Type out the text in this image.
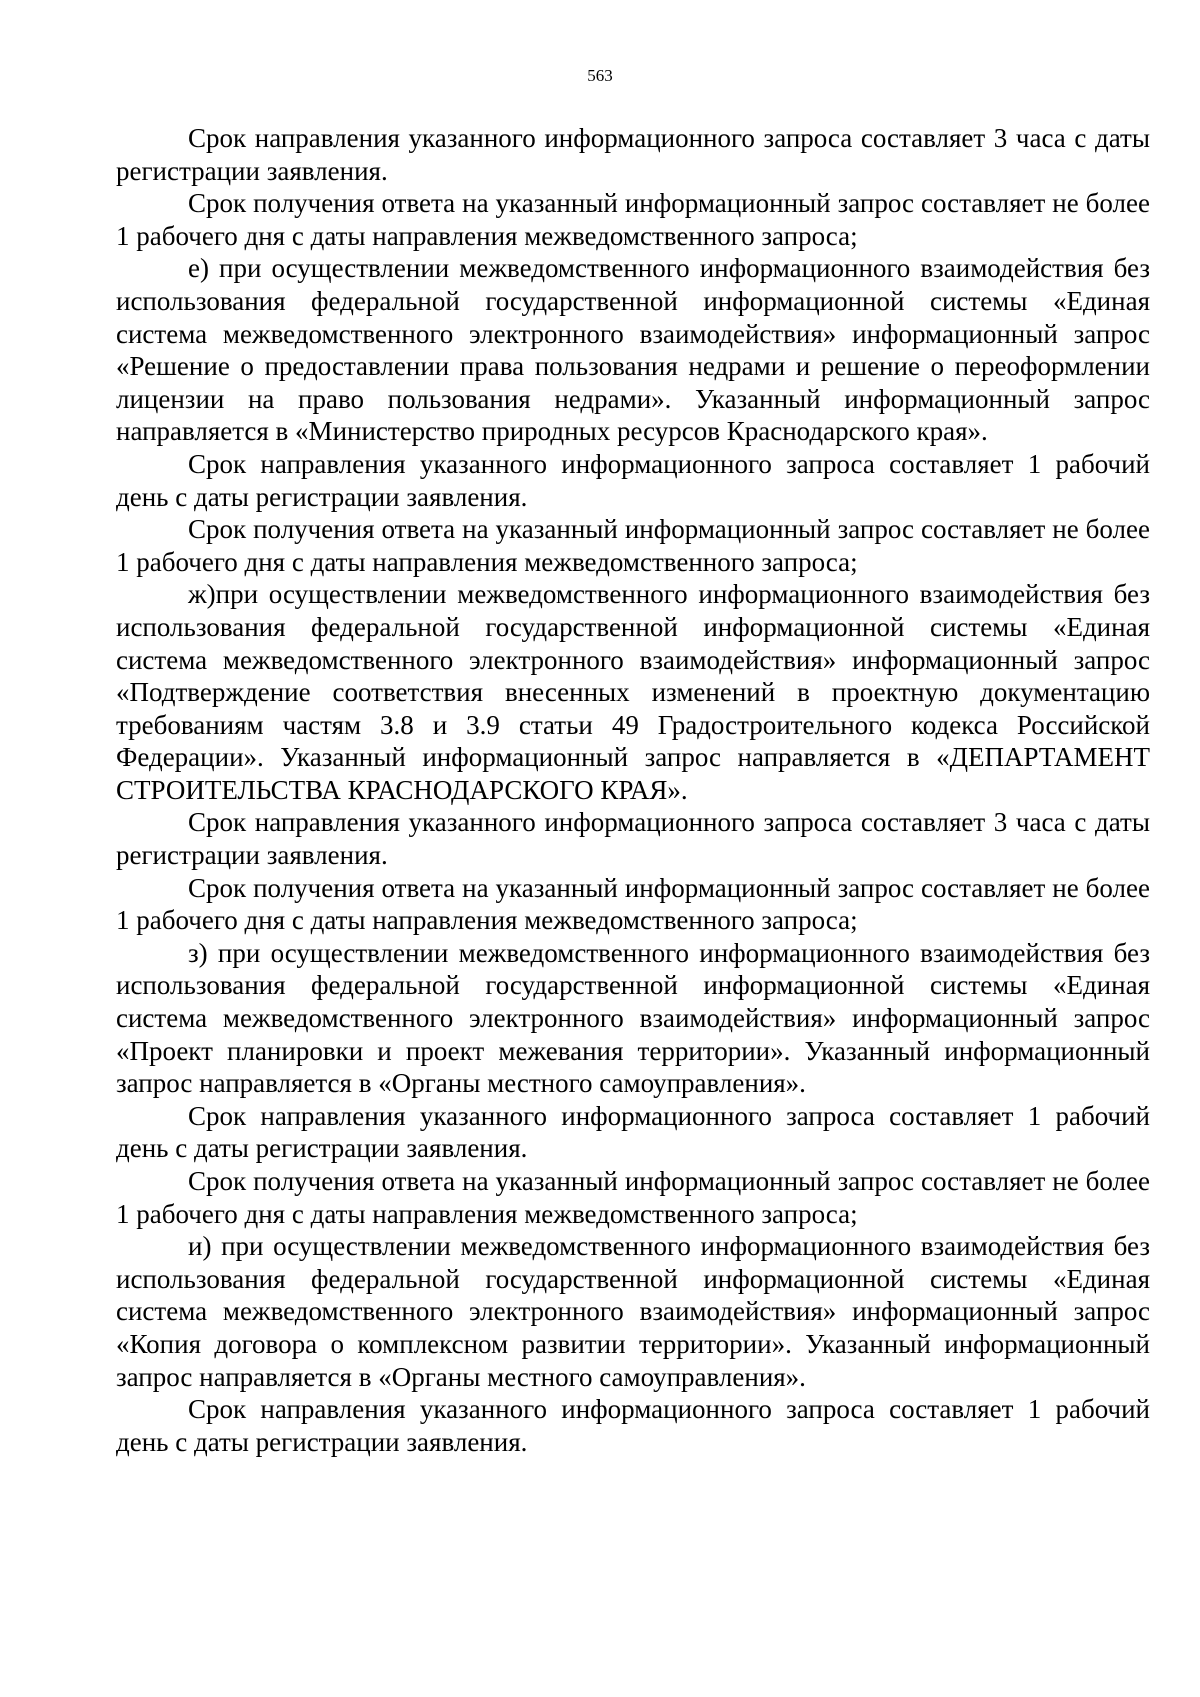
563

Срок направления указанного информационного запроса составляет 3 часа с даты регистрации заявления.

Срок получения ответа на указанный информационный запрос составляет не более 1 рабочего дня с даты направления межведомственного запроса;

е) при осуществлении межведомственного информационного взаимодействия без использования федеральной государственной информационной системы «Единая система межведомственного электронного взаимодействия» информационный запрос «Решение о предоставлении права пользования недрами и решение о переоформлении лицензии на право пользования недрами». Указанный информационный запрос направляется в «Министерство природных ресурсов Краснодарского края».

Срок направления указанного информационного запроса составляет 1 рабочий день с даты регистрации заявления.

Срок получения ответа на указанный информационный запрос составляет не более 1 рабочего дня с даты направления межведомственного запроса;

ж)при осуществлении межведомственного информационного взаимодействия без использования федеральной государственной информационной системы «Единая система межведомственного электронного взаимодействия» информационный запрос «Подтверждение соответствия внесенных изменений в проектную документацию требованиям частям 3.8 и 3.9 статьи 49 Градостроительного кодекса Российской Федерации». Указанный информационный запрос направляется в «ДЕПАРТАМЕНТ СТРОИТЕЛЬСТВА КРАСНОДАРСКОГО КРАЯ».

Срок направления указанного информационного запроса составляет 3 часа с даты регистрации заявления.

Срок получения ответа на указанный информационный запрос составляет не более 1 рабочего дня с даты направления межведомственного запроса;

з) при осуществлении межведомственного информационного взаимодействия без использования федеральной государственной информационной системы «Единая система межведомственного электронного взаимодействия» информационный запрос «Проект планировки и проект межевания территории». Указанный информационный запрос направляется в «Органы местного самоуправления».

Срок направления указанного информационного запроса составляет 1 рабочий день с даты регистрации заявления.

Срок получения ответа на указанный информационный запрос составляет не более 1 рабочего дня с даты направления межведомственного запроса;

и) при осуществлении межведомственного информационного взаимодействия без использования федеральной государственной информационной системы «Единая система межведомственного электронного взаимодействия» информационный запрос «Копия договора о комплексном развитии территории». Указанный информационный запрос направляется в «Органы местного самоуправления».

Срок направления указанного информационного запроса составляет 1 рабочий день с даты регистрации заявления.
